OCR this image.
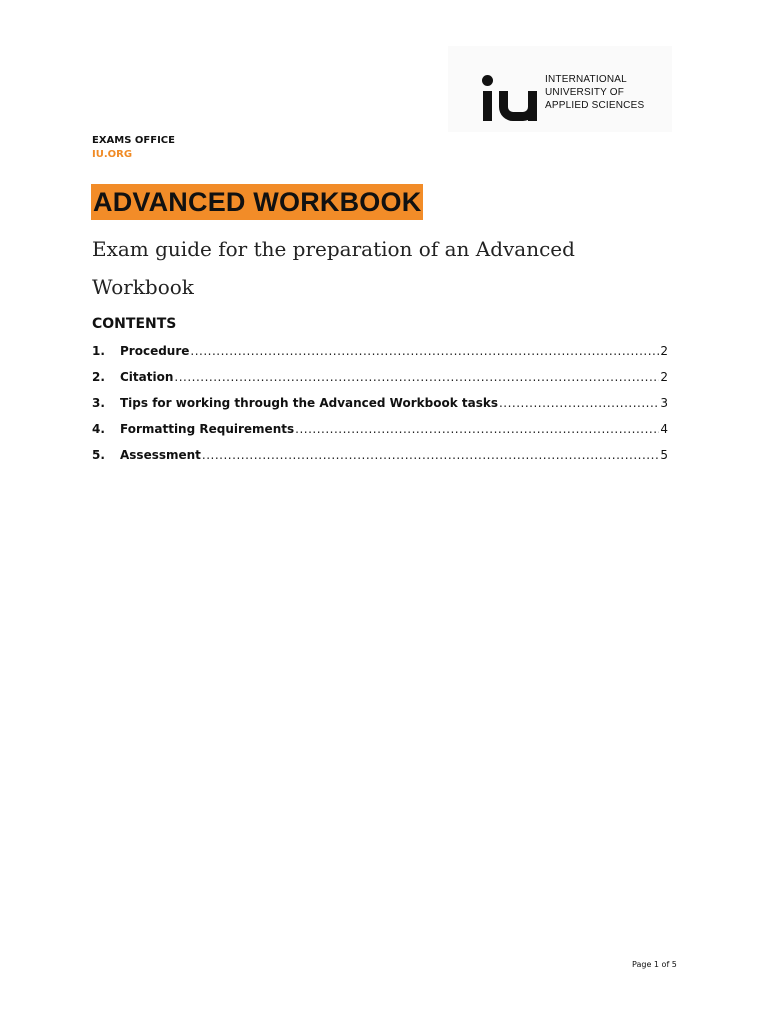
INTERNATIONAL
UNIVERSITY OF
APPLIED SCIENCES
EXAMS OFFICE
IU.ORG
ADVANCED WORKBOOK
Exam guide for the preparation of an Advanced Workbook
CONTENTS
1.	Procedure .....	2
2.	Citation .....	2
3.	Tips for working through the Advanced Workbook tasks .....	3
4.	Formatting Requirements .....	4
5.	Assessment .....	5
Page 1 of 5
